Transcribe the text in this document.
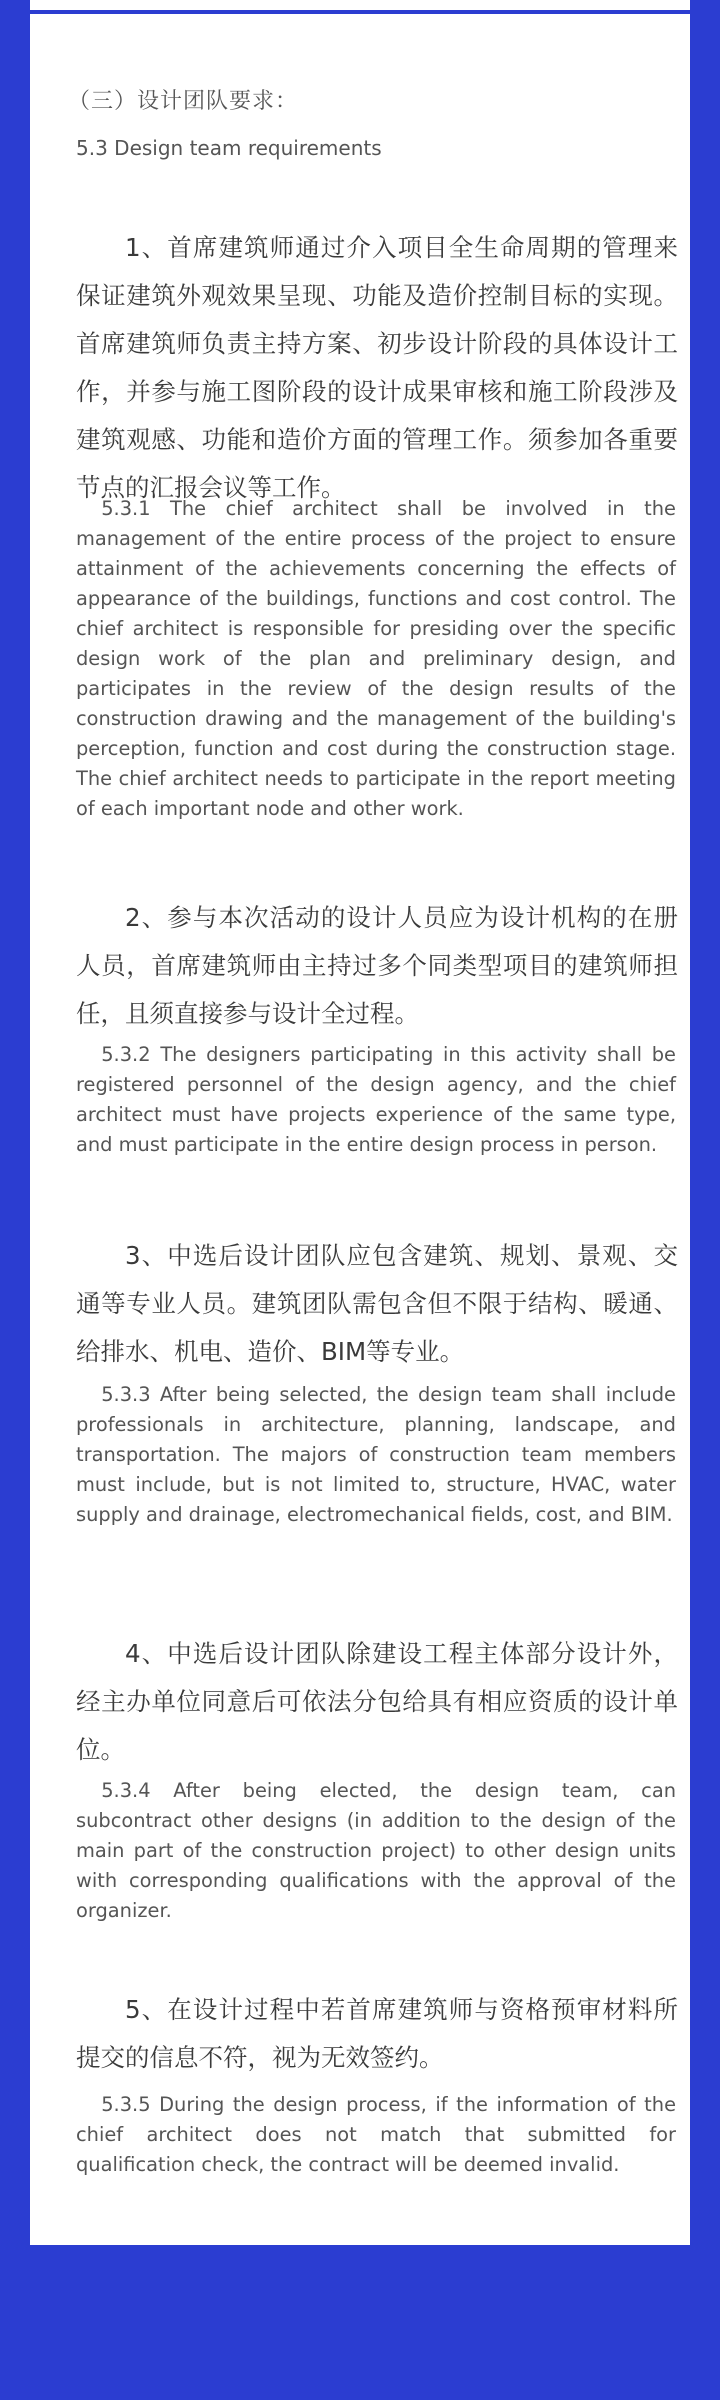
（三）设计团队要求：
5.3 Design team requirements
1、首席建筑师通过介入项目全生命周期的管理来保证建筑外观效果呈现、功能及造价控制目标的实现。首席建筑师负责主持方案、初步设计阶段的具体设计工作，并参与施工图阶段的设计成果审核和施工阶段涉及建筑观感、功能和造价方面的管理工作。须参加各重要节点的汇报会议等工作。
5.3.1 The chief architect shall be involved in the management of the entire process of the project to ensure attainment of the achievements concerning the effects of appearance of the buildings, functions and cost control. The chief architect is responsible for presiding over the specific design work of the plan and preliminary design, and participates in the review of the design results of the construction drawing and the management of the building's perception, function and cost during the construction stage. The chief architect needs to participate in the report meeting of each important node and other work.
2、参与本次活动的设计人员应为设计机构的在册人员，首席建筑师由主持过多个同类型项目的建筑师担任，且须直接参与设计全过程。
5.3.2 The designers participating in this activity shall be registered personnel of the design agency, and the chief architect must have projects experience of the same type, and must participate in the entire design process in person.
3、中选后设计团队应包含建筑、规划、景观、交通等专业人员。建筑团队需包含但不限于结构、暖通、给排水、机电、造价、BIM等专业。
5.3.3 After being selected, the design team shall include professionals in architecture, planning, landscape, and transportation. The majors of construction team members must include, but is not limited to, structure, HVAC, water supply and drainage, electromechanical fields, cost, and BIM.
4、中选后设计团队除建设工程主体部分设计外，经主办单位同意后可依法分包给具有相应资质的设计单位。
5.3.4 After being elected, the design team, can subcontract other designs (in addition to the design of the main part of the construction project) to other design units with corresponding qualifications with the approval of the organizer.
5、在设计过程中若首席建筑师与资格预审材料所提交的信息不符，视为无效签约。
5.3.5 During the design process, if the information of the chief architect does not match that submitted for qualification check, the contract will be deemed invalid.
